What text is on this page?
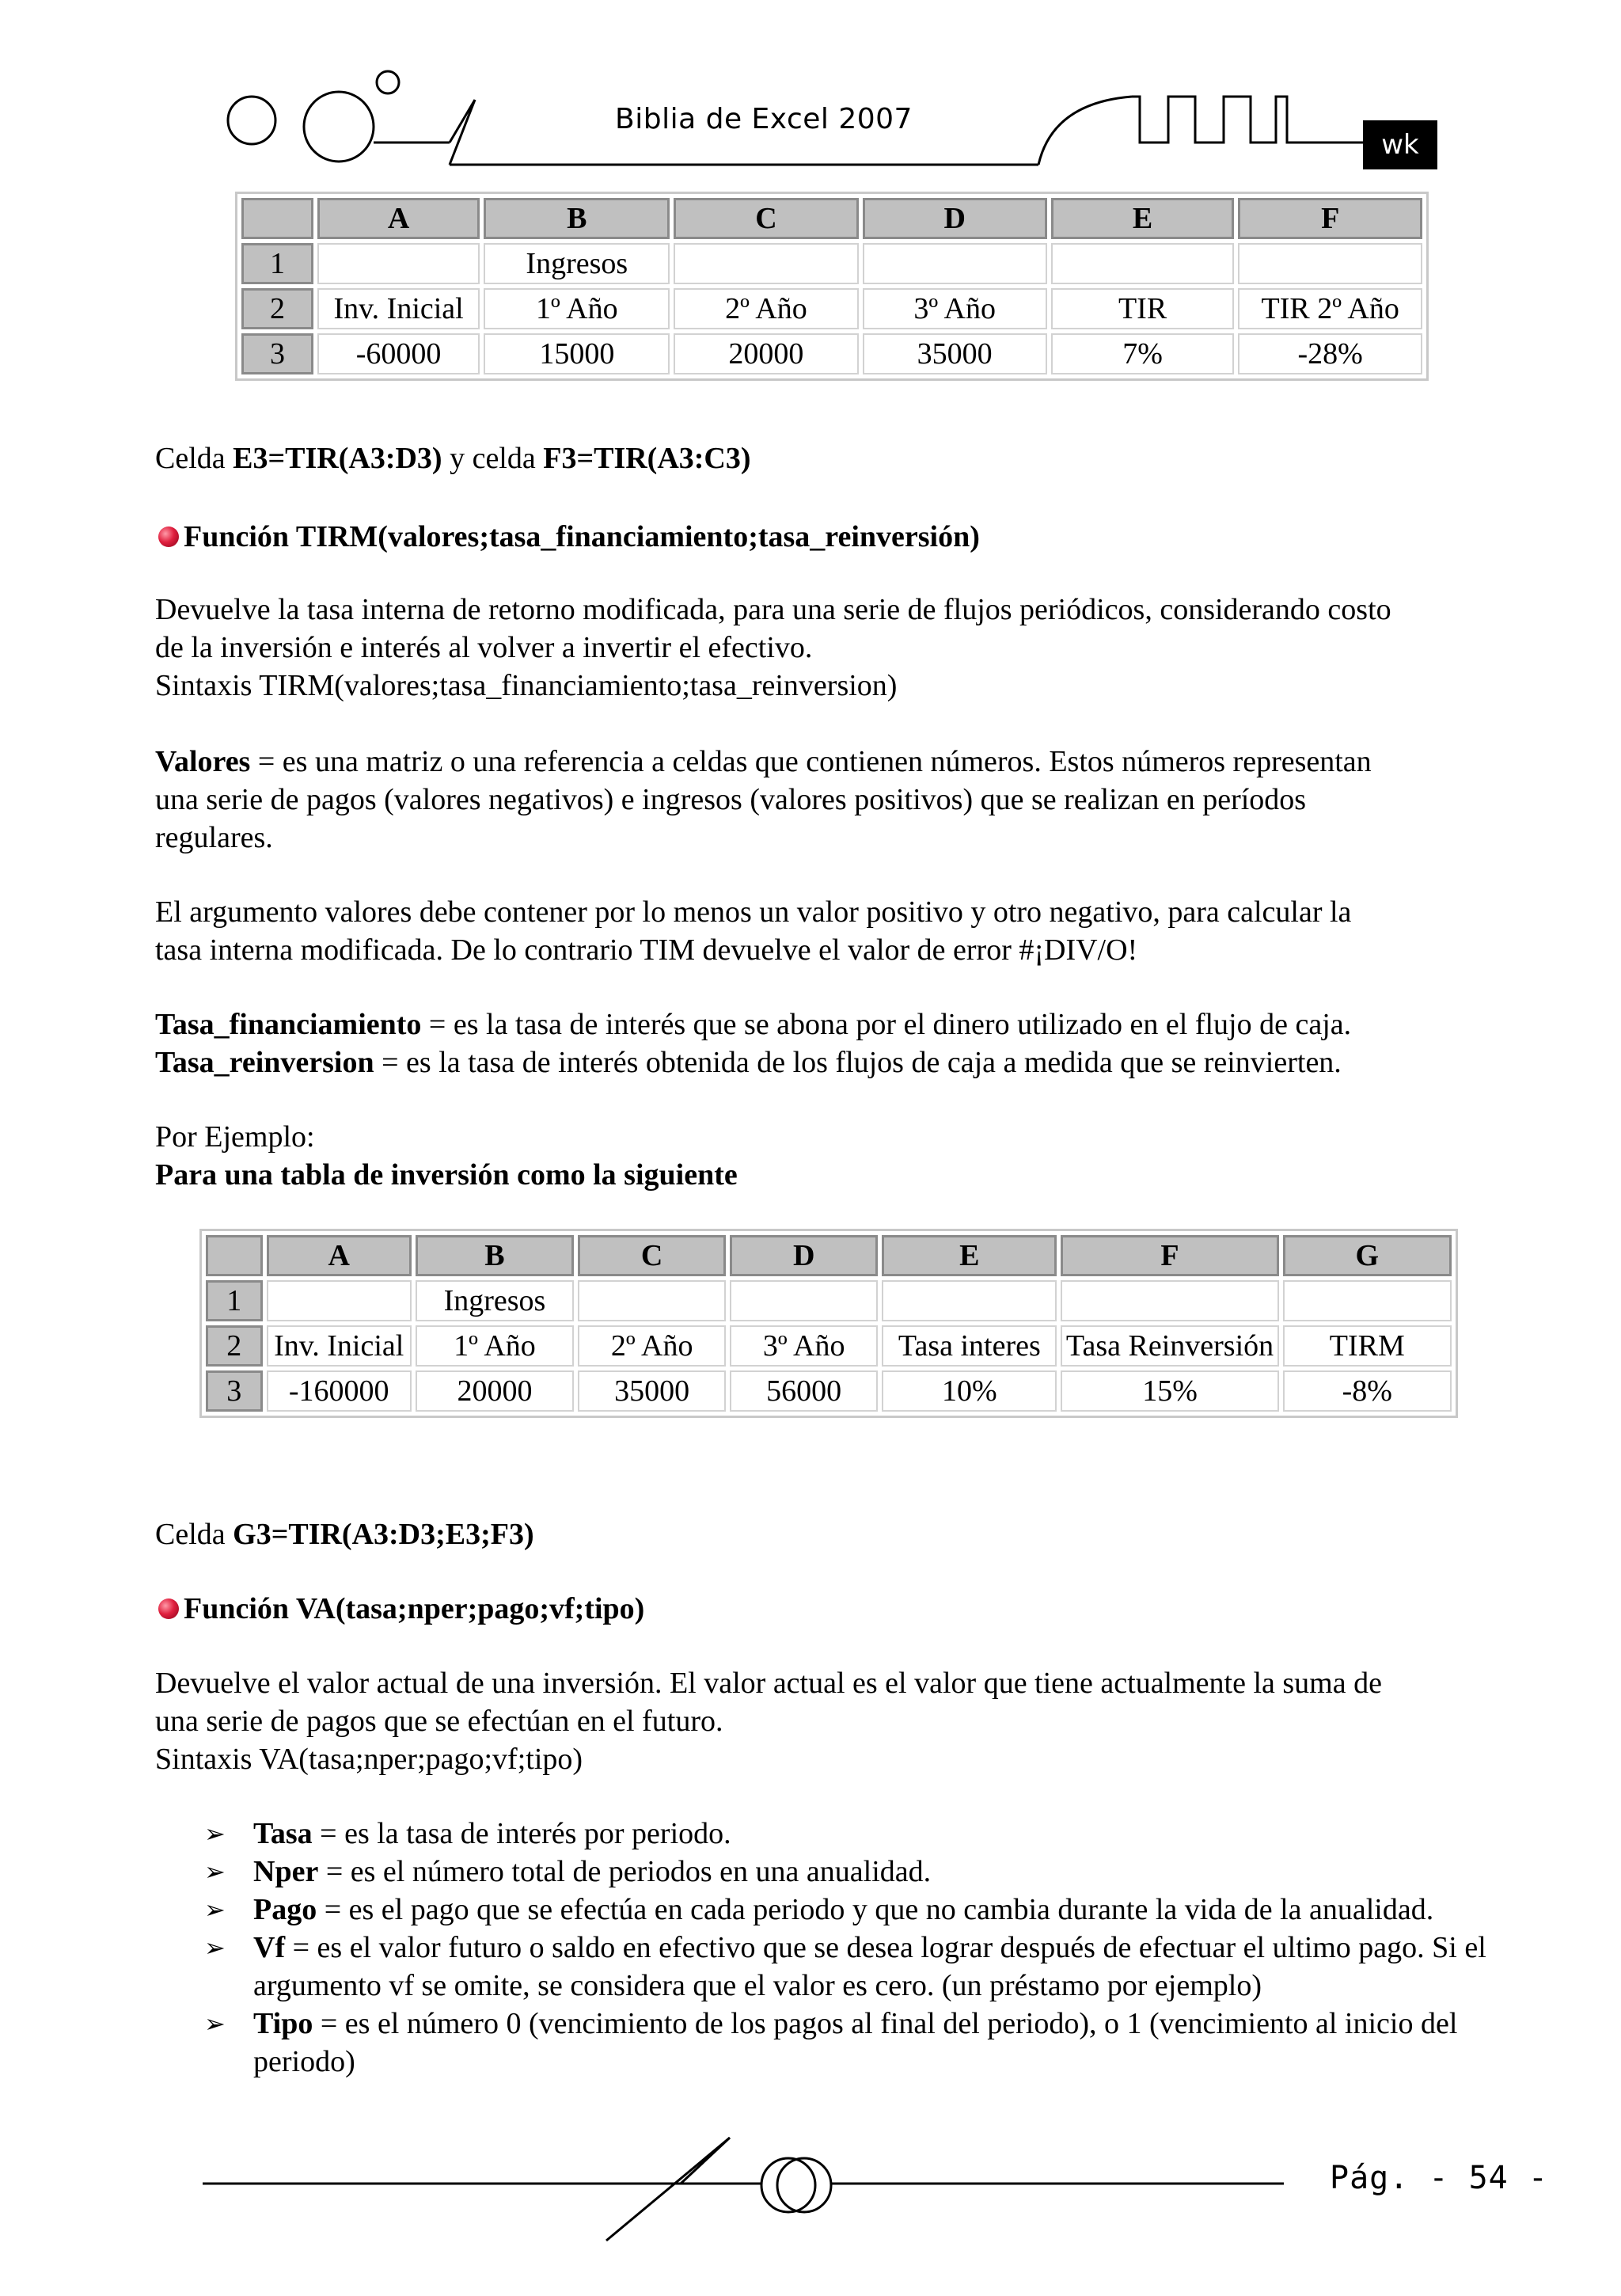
Biblia de Excel 2007
wk
	A	B	C	D	E	F
1		Ingresos				
2	Inv. Inicial	1º Año	2º Año	3º Año	TIR	TIR 2º Año
3	-60000	15000	20000	35000	7%	-28%

Celda E3=TIR(A3:D3) y celda F3=TIR(A3:C3)

Función TIRM(valores;tasa_financiamiento;tasa_reinversión)

Devuelve la tasa interna de retorno modificada, para una serie de flujos periódicos, considerando costo

de la inversión e interés al volver a invertir el efectivo.

Sintaxis TIRM(valores;tasa_financiamiento;tasa_reinversion)

Valores = es una matriz o una referencia a celdas que contienen números. Estos números representan

una serie de pagos (valores negativos) e ingresos (valores positivos) que se realizan en períodos

regulares.

El argumento valores debe contener por lo menos un valor positivo y otro negativo, para calcular la

tasa interna modificada. De lo contrario TIM devuelve el valor de error #¡DIV/O!

Tasa_financiamiento = es la tasa de interés que se abona por el dinero utilizado en el flujo de caja.

Tasa_reinversion = es la tasa de interés obtenida de los flujos de caja a medida que se reinvierten.

Por Ejemplo:

Para una tabla de inversión como la siguiente

	A	B	C	D	E	F	G
1		Ingresos					
2	Inv. Inicial	1º Año	2º Año	3º Año	Tasa interes	Tasa Reinversión	TIRM
3	-160000	20000	35000	56000	10%	15%	-8%

Celda G3=TIR(A3:D3;E3;F3)

Función VA(tasa;nper;pago;vf;tipo)

Devuelve el valor actual de una inversión. El valor actual es el valor que tiene actualmente la suma de

una serie de pagos que se efectúan en el futuro.

Sintaxis VA(tasa;nper;pago;vf;tipo)

➢ Tasa = es la tasa de interés por periodo.
➢ Nper = es el número total de periodos en una anualidad.
➢ Pago = es el pago que se efectúa en cada periodo y que no cambia durante la vida de la anualidad.
➢ Vf = es el valor futuro o saldo en efectivo que se desea lograr después de efectuar el ultimo pago. Si el argumento vf se omite, se considera que el valor es cero. (un préstamo por ejemplo)
➢ Tipo = es el número 0 (vencimiento de los pagos al final del periodo), o 1 (vencimiento al inicio del periodo)
Pág. - 54 -
